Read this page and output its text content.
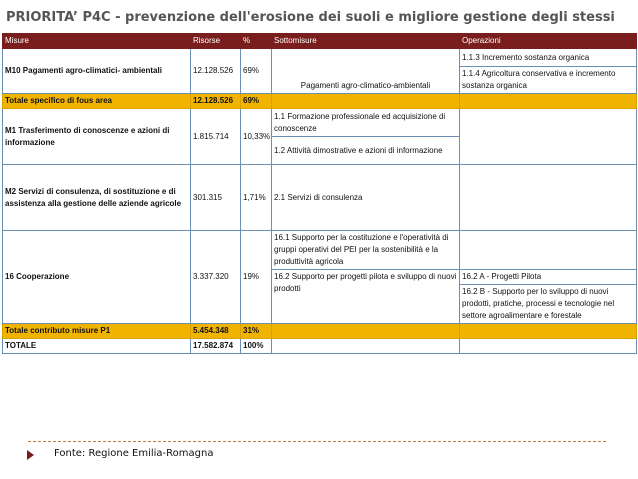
PRIORITA’ P4C - prevenzione dell'erosione dei suoli e migliore gestione degli stessi
Misure	Risorse	%	Sottomisure	Operazioni
M10 Pagamenti agro-climatici- ambientali	12.128.526	69%	Pagamenti agro-climatico-ambientali	1.1.3 Incremento sostanza organica
				1.1.4 Agricoltura conservativa e incremento sostanza organica
Totale specifico di fous area	12.128.526	69%		
M1 Trasferimento di conoscenze e azioni di informazione	1.815.714	10,33%	1.1 Formazione professionale ed acquisizione di conoscenze	
			1.2 Attività dimostrative e azioni di informazione	
M2 Servizi di consulenza, di sostituzione e di assistenza alla gestione delle aziende agricole	301.315	1,71%	2.1 Servizi di consulenza	
16 Cooperazione	3.337.320	19%	16.1 Supporto per la costituzione e l'operatività di gruppi operativi del PEI per la sostenibilità e la produttività agricola	
			16.2 Supporto per progetti pilota e sviluppo di nuovi prodotti	16.2 A - Progetti Pilota
				16.2 B - Supporto per lo sviluppo di nuovi prodotti, pratiche, processi e tecnologie nel settore agroalimentare e forestale
Totale contributo misure P1	5.454.348	31%		
TOTALE	17.582.874	100%		
Fonte: Regione Emilia-Romagna
